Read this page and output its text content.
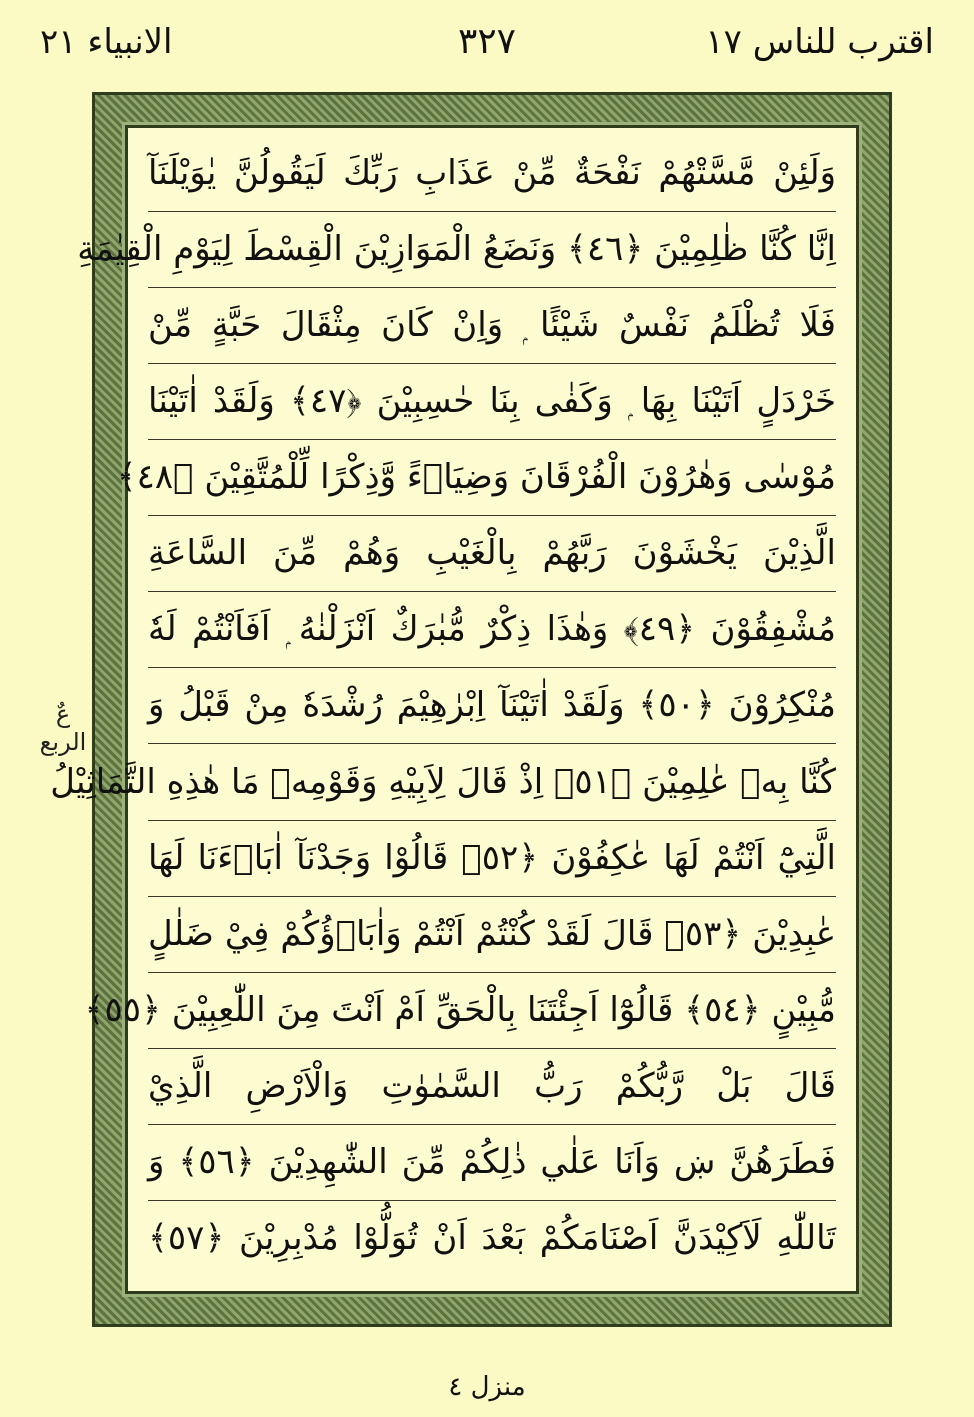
اقترب للناس ١٧
٣٢٧
الانبياء ٢١
عٌ الربع
وَلَئِنْ مَّسَّتْهُمْ نَفْحَةٌ مِّنْ عَذَابِ رَبِّكَ لَيَقُولُنَّ يٰوَيْلَنَآ
اِنَّا كُنَّا ظٰلِمِيْنَ ﴿٤٦﴾ وَنَضَعُ الْمَوَازِيْنَ الْقِسْطَ لِيَوْمِ الْقِيٰمَةِ
فَلَا تُظْلَمُ نَفْسٌ شَيْئًا ۭ وَاِنْ كَانَ مِثْقَالَ حَبَّةٍ مِّنْ
خَرْدَلٍ اَتَيْنَا بِهَا ۭ وَكَفٰى بِنَا حٰسِبِيْنَ ﴿٤٧﴾ وَلَقَدْ اٰتَيْنَا
مُوْسٰى وَهٰرُوْنَ الْفُرْقَانَ وَضِيَاۗءً وَّذِكْرًا لِّلْمُتَّقِيْنَ ﴿٤٨﴾
الَّذِيْنَ يَخْشَوْنَ رَبَّهُمْ بِالْغَيْبِ وَهُمْ مِّنَ السَّاعَةِ
مُشْفِقُوْنَ ﴿٤٩﴾ وَهٰذَا ذِكْرٌ مُّبٰرَكٌ اَنْزَلْنٰهُ ۭ اَفَاَنْتُمْ لَهٗ
مُنْكِرُوْنَ ﴿٥٠﴾ وَلَقَدْ اٰتَيْنَآ اِبْرٰهِيْمَ رُشْدَهٗ مِنْ قَبْلُ وَ
كُنَّا بِهٖ عٰلِمِيْنَ ﴿٥١﴾ اِذْ قَالَ لِاَبِيْهِ وَقَوْمِهٖ مَا هٰذِهِ التَّمَاثِيْلُ
الَّتِيْٓ اَنْتُمْ لَهَا عٰكِفُوْنَ ﴿٥٢﴾ قَالُوْا وَجَدْنَآ اٰبَاۗءَنَا لَهَا
عٰبِدِيْنَ ﴿٥٣﴾ قَالَ لَقَدْ كُنْتُمْ اَنْتُمْ وَاٰبَاۗؤُكُمْ فِيْ ضَلٰلٍ
مُّبِيْنٍ ﴿٥٤﴾ قَالُوْٓا اَجِئْتَنَا بِالْحَقِّ اَمْ اَنْتَ مِنَ اللّٰعِبِيْنَ ﴿٥٥﴾
قَالَ بَلْ رَّبُّكُمْ رَبُّ السَّمٰوٰتِ وَالْاَرْضِ الَّذِيْ
فَطَرَهُنَّ ښ وَاَنَا عَلٰي ذٰلِكُمْ مِّنَ الشّٰهِدِيْنَ ﴿٥٦﴾ وَ
تَاللّٰهِ لَاَكِيْدَنَّ اَصْنَامَكُمْ بَعْدَ اَنْ تُوَلُّوْا مُدْبِرِيْنَ ﴿٥٧﴾
منزل ٤
